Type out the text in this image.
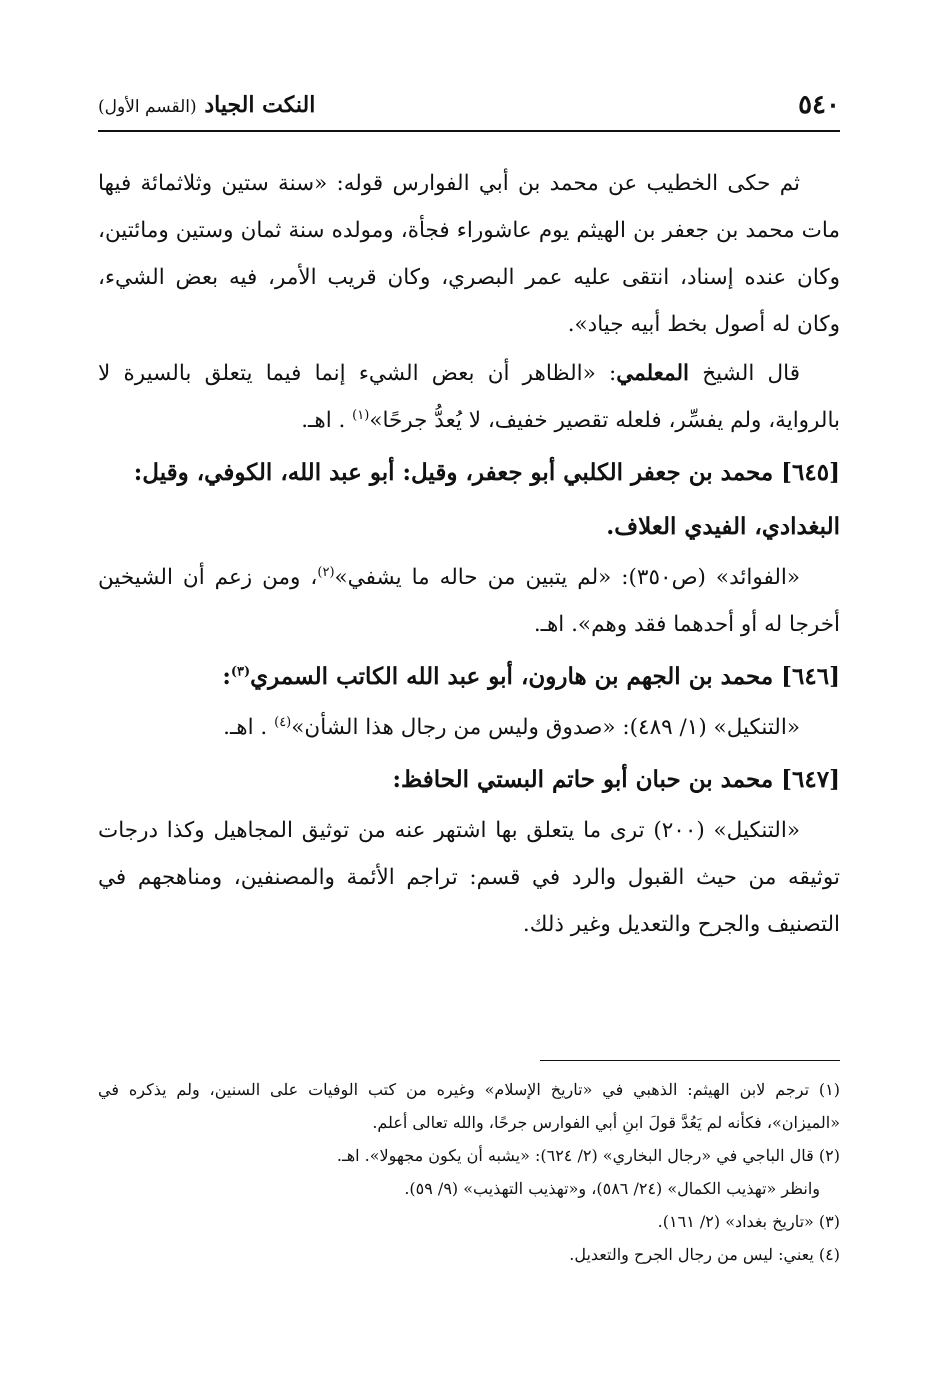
٥٤٠
النكت الجياد (القسم الأول)

ثم حكى الخطيب عن محمد بن أبي الفوارس قوله: «سنة ستين وثلاثمائة فيها مات محمد بن جعفر بن الهيثم يوم عاشوراء فجأة، ومولده سنة ثمان وستين ومائتين، وكان عنده إسناد، انتقى عليه عمر البصري، وكان قريب الأمر، فيه بعض الشيء، وكان له أصول بخط أبيه جياد».

قال الشيخ المعلمي: «الظاهر أن بعض الشيء إنما فيما يتعلق بالسيرة لا بالرواية، ولم يفسِّر، فلعله تقصير خفيف، لا يُعدُّ جرحًا»$^{(١)}$ . اهـ.

[٦٤٥] محمد بن جعفر الكلبي أبو جعفر، وقيل: أبو عبد الله، الكوفي، وقيل: البغدادي، الفيدي العلاف.

«الفوائد» (ص٣٥٠): «لم يتبين من حاله ما يشفي»$^{(٢)}$، ومن زعم أن الشيخين أخرجا له أو أحدهما فقد وهم». اهـ.

[٦٤٦] محمد بن الجهم بن هارون، أبو عبد الله الكاتب السمري$^{(٣)}$:

«التنكيل» (١/ ٤٨٩): «صدوق وليس من رجال هذا الشأن»$^{(٤)}$ . اهـ.

[٦٤٧] محمد بن حبان أبو حاتم البستي الحافظ:

«التنكيل» (٢٠٠) ترى ما يتعلق بها اشتهر عنه من توثيق المجاهيل وكذا درجات توثيقه من حيث القبول والرد في قسم: تراجم الأئمة والمصنفين، ومناهجهم في التصنيف والجرح والتعديل وغير ذلك.

(١) ترجم لابن الهيثم: الذهبي في «تاريخ الإسلام» وغيره من كتب الوفيات على السنين، ولم يذكره في «الميزان»، فكأنه لم يَعُدَّ قولَ ابنِ أبي الفوارس جرحًا، والله تعالى أعلم.

(٢) قال الباجي في «رجال البخاري» (٢/ ٦٢٤): «يشبه أن يكون مجهولا». اهـ.

وانظر «تهذيب الكمال» (٢٤/ ٥٨٦)، و«تهذيب التهذيب» (٩/ ٥٩).

(٣) «تاريخ بغداد» (٢/ ١٦١).

(٤) يعني: ليس من رجال الجرح والتعديل.
